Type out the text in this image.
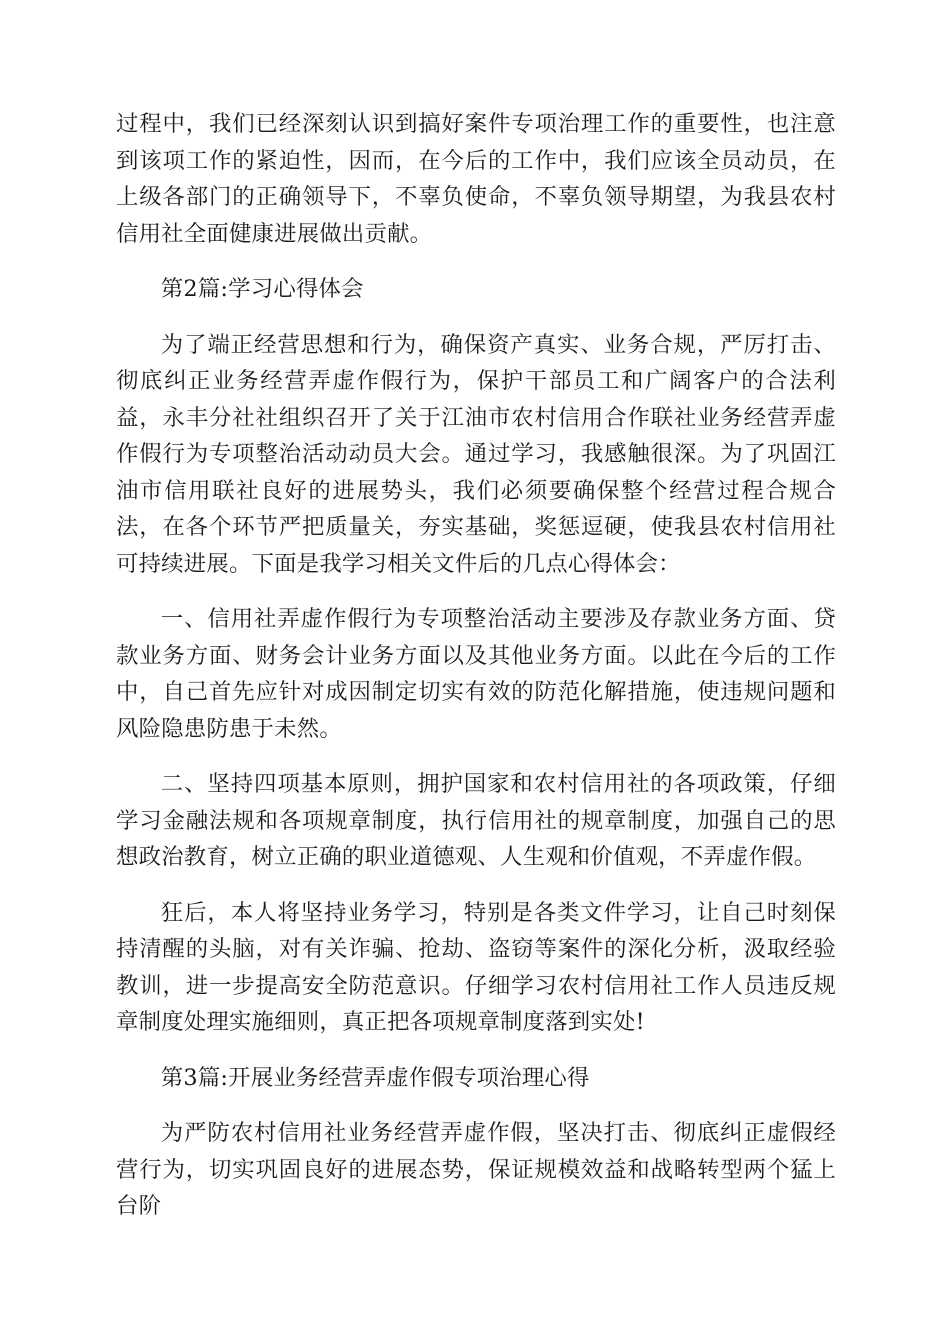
过程中，我们已经深刻认识到搞好案件专项治理工作的重要性，也注意到该项工作的紧迫性，因而，在今后的工作中，我们应该全员动员，在上级各部门的正确领导下，不辜负使命，不辜负领导期望，为我县农村信用社全面健康进展做出贡献。

第2篇:学习心得体会

为了端正经营思想和行为，确保资产真实、业务合规，严厉打击、彻底纠正业务经营弄虚作假行为，保护干部员工和广阔客户的合法利益，永丰分社社组织召开了关于江油市农村信用合作联社业务经营弄虚作假行为专项整治活动动员大会。通过学习，我感触很深。为了巩固江油市信用联社良好的进展势头，我们必须要确保整个经营过程合规合法，在各个环节严把质量关，夯实基础，奖惩逗硬，使我县农村信用社可持续进展。下面是我学习相关文件后的几点心得体会：

一、信用社弄虚作假行为专项整治活动主要涉及存款业务方面、贷款业务方面、财务会计业务方面以及其他业务方面。以此在今后的工作中，自己首先应针对成因制定切实有效的防范化解措施，使违规问题和风险隐患防患于未然。

二、坚持四项基本原则，拥护国家和农村信用社的各项政策，仔细学习金融法规和各项规章制度，执行信用社的规章制度，加强自己的思想政治教育，树立正确的职业道德观、人生观和价值观，不弄虚作假。

狂后，本人将坚持业务学习，特别是各类文件学习，让自己时刻保持清醒的头脑，对有关诈骗、抢劫、盗窃等案件的深化分析，汲取经验教训，进一步提高安全防范意识。仔细学习农村信用社工作人员违反规章制度处理实施细则，真正把各项规章制度落到实处!

第3篇:开展业务经营弄虚作假专项治理心得

为严防农村信用社业务经营弄虚作假，坚决打击、彻底纠正虚假经营行为，切实巩固良好的进展态势，保证规模效益和战略转型两个猛上台阶
